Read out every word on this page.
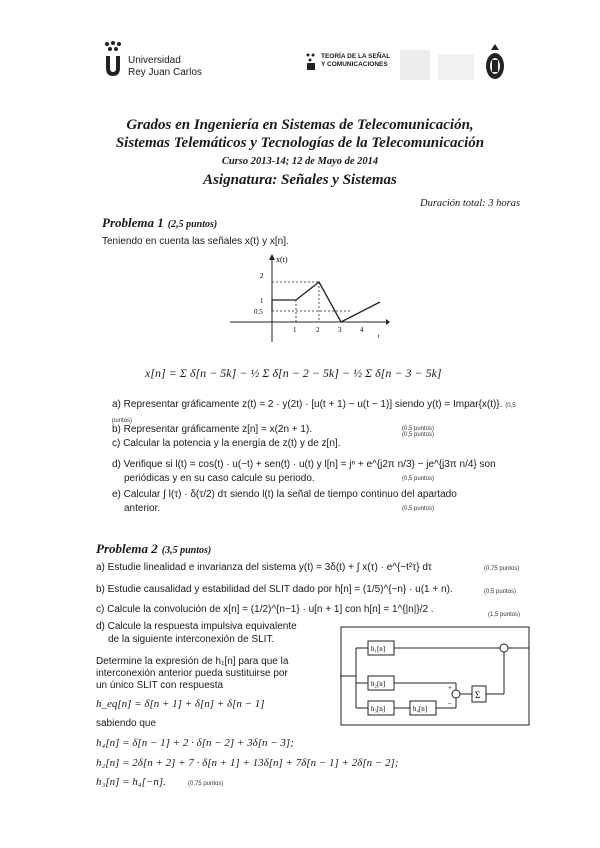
Universidad
Rey Juan Carlos
TEORÍA DE LA SEÑAL
Y COMUNICACIONES
Grados en Ingeniería en Sistemas de Telecomunicación,
Sistemas Telemáticos y Tecnologías de la Telecomunicación
Curso 2013-14; 12 de Mayo de 2014
Asignatura: Señales y Sistemas
Duración total: 3 horas
Problema 1 (2,5 puntos)
Teniendo en cuenta las señales x(t) y x[n].
2
1
0.5
1	2	3	4
t
x(t)
x[n] = Σ δ[n − 5k] − ½ Σ δ[n − 2 − 5k] − ½ Σ δ[n − 3 − 5k]
a) Representar gráficamente z(t) = 2 · y(2t) · [u(t + 1) − u(t − 1)] siendo y(t) = Impar{x(t)}. (0,5 puntos)
b) Representar gráficamente z[n] = x(2n + 1).	(0,5 puntos)
c) Calcular la potencia y la energía de z(t) y de z[n].
(0,5 puntos)
d) Verifique si l(t) = cos(t) · u(−t) + sen(t) · u(t) y l[n] = jⁿ + e^{j2π n/3} − je^{j3π n/4} son
periódicas y en su caso calcule su periodo.	(0,5 puntos)
e) Calcular ∫ l(τ) · δ(τ/2) dτ siendo l(t) la señal de tiempo continuo del apartado
anterior.	(0,5 puntos)
Problema 2 (3,5 puntos)
a) Estudie linealidad e invarianza del sistema y(t) = 3δ(t) + ∫ x(τ) · e^{−t²τ} dτ	(0,75 puntos)
b) Estudie causalidad y estabilidad del SLIT dado por h[n] = (1/5)^{−n} · u(1 + n).	(0,5 puntos)
c) Calcule la convolución de x[n] = (1/2)^{n−1} · u[n + 1] con h[n] = 1^{|n|}/2 .	(1,5 puntos)
d) Calcule la respuesta impulsiva equivalente
de la siguiente interconexión de SLIT.
Determine la expresión de h₁[n] para que la
interconexión anterior pueda sustituirse por
un único SLIT con respuesta
h_eq[n] = δ[n + 1] + δ[n] + δ[n − 1]
sabiendo que
h₄[n] = δ[n − 1] + 2 · δ[n − 2] + 3δ[n − 3];
h₂[n] = 2δ[n + 2] + 7 · δ[n + 1] + 13δ[n] + 7δ[n − 1] + 2δ[n − 2];
h₃[n] = h₄[−n].	(0,75 puntos)
h₁[n]
h₂[n]
h₃[n]	h₄[n]
Σ
+
−
